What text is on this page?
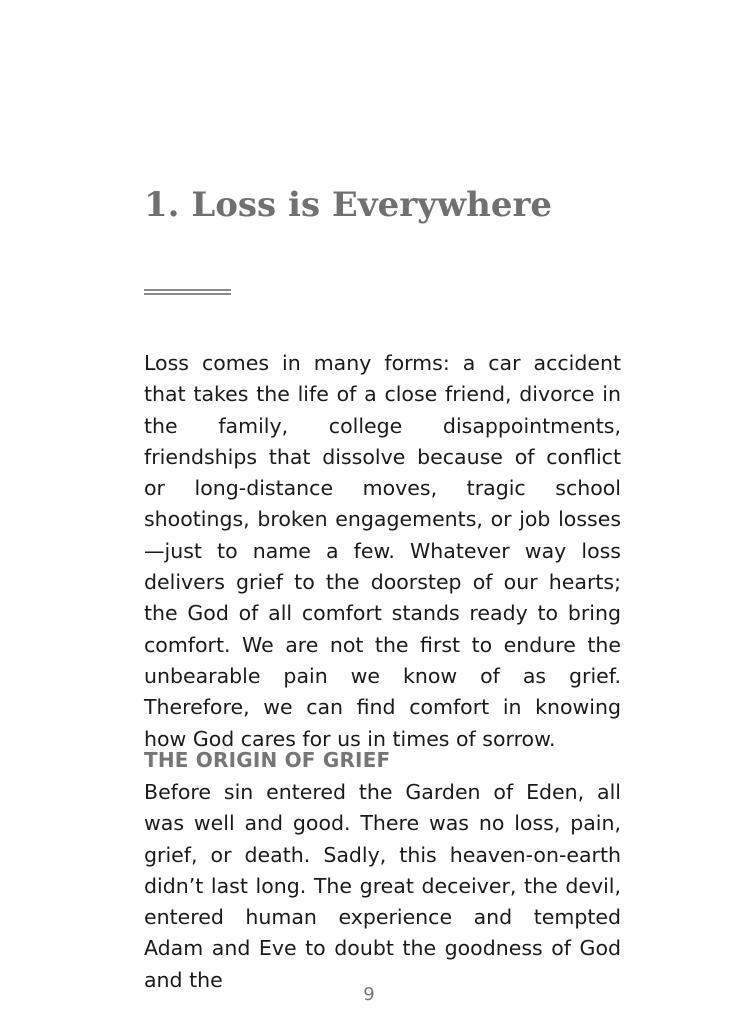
1. Loss is Everywhere

Loss comes in many forms: a car accident that takes the life of a close friend, divorce in the family, college disappointments, friendships that dissolve because of conflict or long-distance moves, tragic school shootings, broken engagements, or job losses—just to name a few. Whatever way loss delivers grief to the doorstep of our hearts; the God of all comfort stands ready to bring comfort. We are not the first to endure the unbearable pain we know of as grief. Therefore, we can find comfort in knowing how God cares for us in times of sorrow.

THE ORIGIN OF GRIEF

Before sin entered the Garden of Eden, all was well and good. There was no loss, pain, grief, or death. Sadly, this heaven-on-earth didn’t last long. The great deceiver, the devil, entered human experience and tempted Adam and Eve to doubt the goodness of God and the

9
